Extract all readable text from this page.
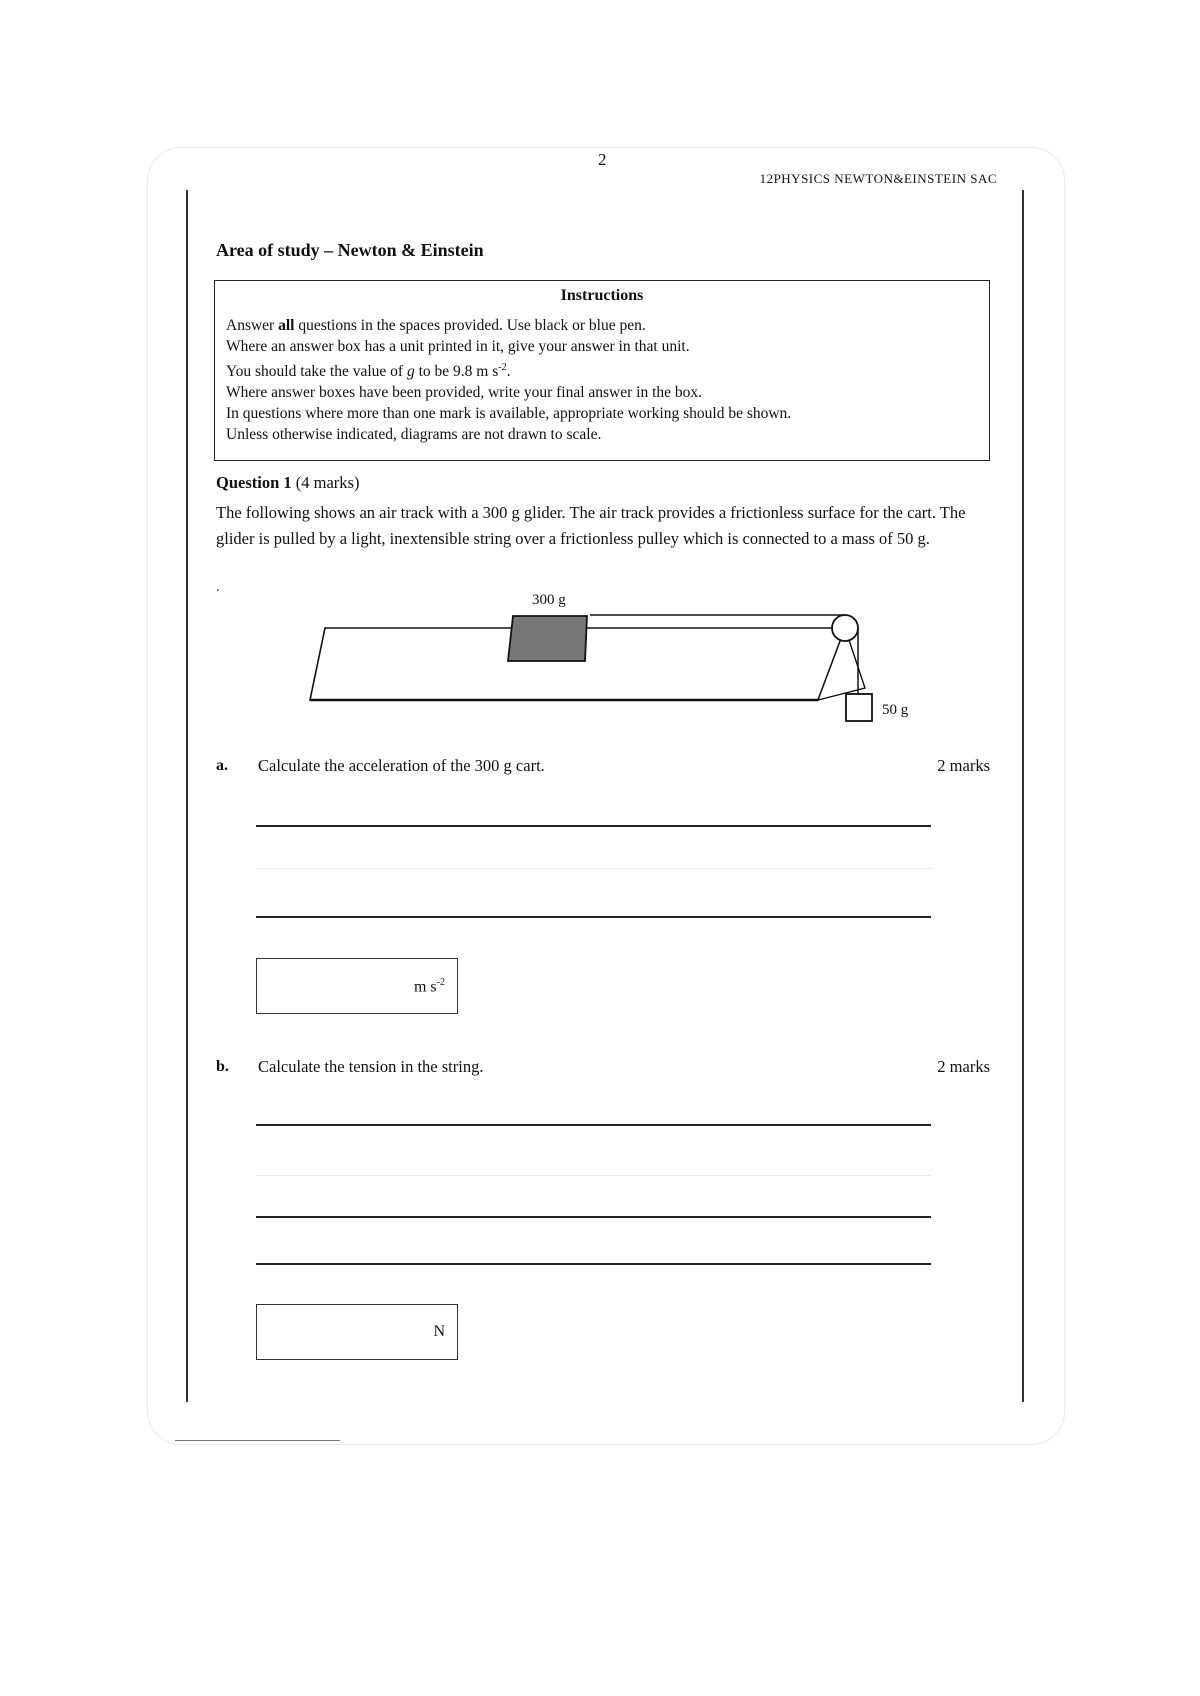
2
12PHYSICS NEWTON&EINSTEIN SAC
Area of study – Newton & Einstein
Instructions
Answer all questions in the spaces provided. Use black or blue pen.
Where an answer box has a unit printed in it, give your answer in that unit.
You should take the value of g to be 9.8 m $s^{-2}$.
Where answer boxes have been provided, write your final answer in the box.
In questions where more than one mark is available, appropriate working should be shown.
Unless otherwise indicated, diagrams are not drawn to scale.
Question 1 (4 marks)
The following shows an air track with a 300 g glider. The air track provides a frictionless surface for the cart. The glider is pulled by a light, inextensible string over a frictionless pulley which is connected to a mass of 50 g.
.
300 g
50 g
a. Calculate the acceleration of the 300 g cart.	2 marks
m $s^{-2}$
b. Calculate the tension in the string.	2 marks
N
